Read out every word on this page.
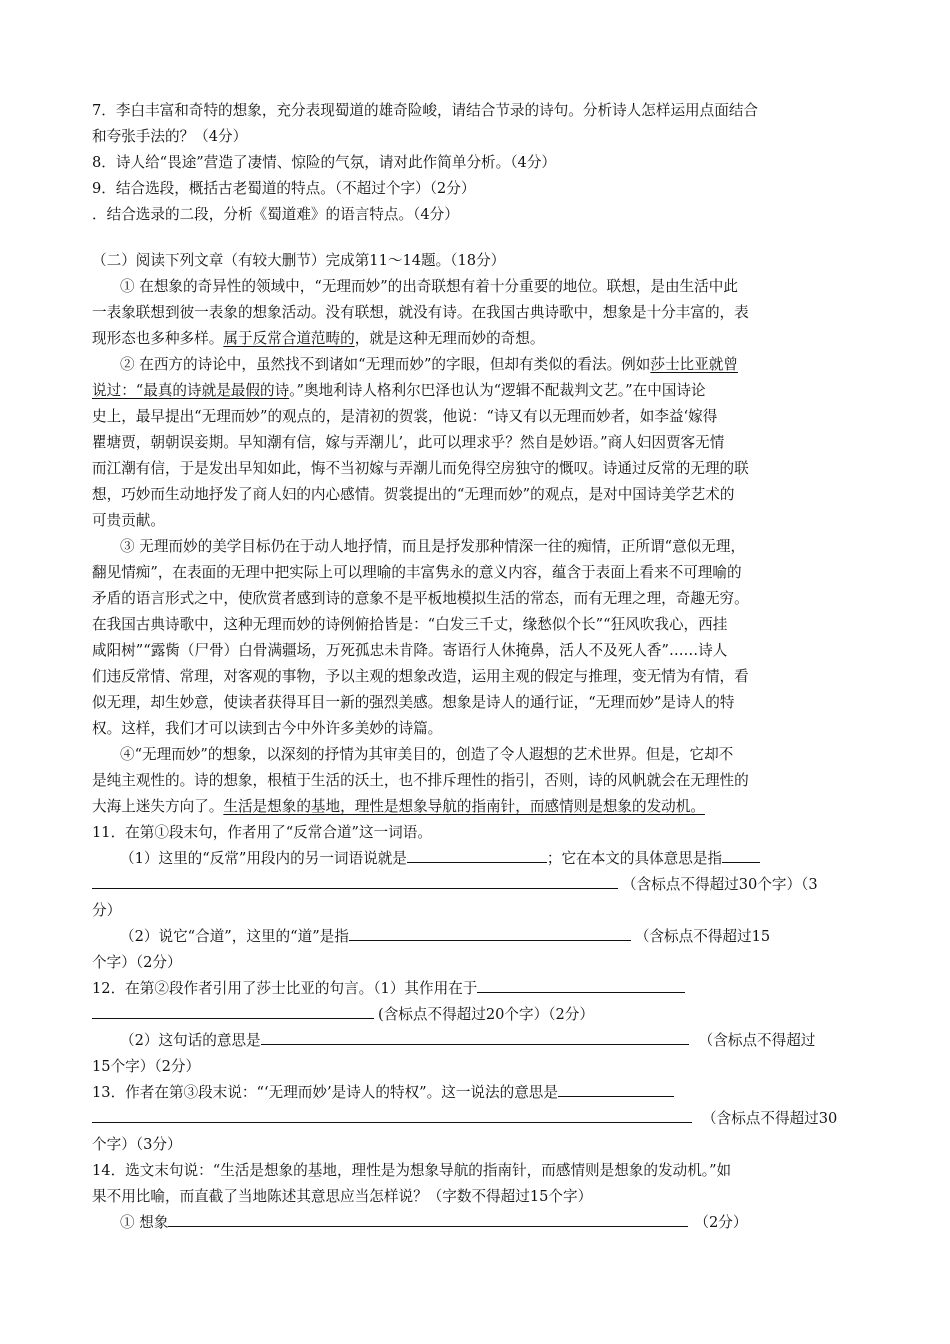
7．李白丰富和奇特的想象，充分表现蜀道的雄奇险峻，请结合节录的诗句。分析诗人怎样运用点面结合
和夸张手法的？（4分）
8．诗人给“畏途”营造了凄情、惊险的气氛，请对此作简单分析。（4分）
9．结合选段，概括古老蜀道的特点。（不超过个字）（2分）
．结合选录的二段，分析《蜀道难》的语言特点。（4分）
（二）阅读下列文章（有较大删节）完成第11～14题。（18分）
① 在想象的奇异性的领域中，“无理而妙”的出奇联想有着十分重要的地位。联想，是由生活中此
一表象联想到彼一表象的想象活动。没有联想，就没有诗。在我国古典诗歌中，想象是十分丰富的，表
现形态也多种多样。属于反常合道范畴的，就是这种无理而妙的奇想。
② 在西方的诗论中，虽然找不到诸如“无理而妙”的字眼，但却有类似的看法。例如莎士比亚就曾
说过：“最真的诗就是最假的诗。”奥地利诗人格利尔巴泽也认为“逻辑不配裁判文艺。”在中国诗论
史上，最早提出“无理而妙”的观点的，是清初的贺裳，他说：“诗又有以无理而妙者，如李益‘嫁得
瞿塘贾，朝朝误妾期。早知潮有信，嫁与弄潮儿’，此可以理求乎？然自是妙语。”商人妇因贾客无情
而江潮有信，于是发出早知如此，悔不当初嫁与弄潮儿而免得空房独守的慨叹。诗通过反常的无理的联
想，巧妙而生动地抒发了商人妇的内心感情。贺裳提出的“无理而妙”的观点，是对中国诗美学艺术的
可贵贡献。
③ 无理而妙的美学目标仍在于动人地抒情，而且是抒发那种情深一往的痴情，正所谓“意似无理，
翻见情痴”，在表面的无理中把实际上可以理喻的丰富隽永的意义内容，蕴含于表面上看来不可理喻的
矛盾的语言形式之中，使欣赏者感到诗的意象不是平板地模拟生活的常态，而有无理之理，奇趣无穷。
在我国古典诗歌中，这种无理而妙的诗例俯拾皆是：“白发三千丈，缘愁似个长”“狂风吹我心，西挂
咸阳树”“露胔（尸骨）白骨满疆场，万死孤忠未肯降。寄语行人休掩鼻，活人不及死人香”……诗人
们违反常情、常理，对客观的事物，予以主观的想象改造，运用主观的假定与推理，变无情为有情，看
似无理，却生妙意，使读者获得耳目一新的强烈美感。想象是诗人的通行证，“无理而妙”是诗人的特
权。这样，我们才可以读到古今中外许多美妙的诗篇。
④“无理而妙”的想象，以深刻的抒情为其审美目的，创造了令人遐想的艺术世界。但是，它却不
是纯主观性的。诗的想象，根植于生活的沃土，也不排斥理性的指引，否则，诗的风帆就会在无理性的
大海上迷失方向了。生活是想象的基地，理性是想象导航的指南针，而感情则是想象的发动机。
11．在第①段末句，作者用了“反常合道”这一词语。
（1）这里的“反常”用段内的另一词语说就是	；它在本文的具体意思是指
（含标点不得超过30个字）（3
分）
（2）说它“合道”，这里的“道”是指	（含标点不得超过15
个字）（2分）
12．在第②段作者引用了莎士比亚的句言。（1）其作用在于
(含标点不得超过20个字）（2分）
（2）这句话的意思是	（含标点不得超过
15个字）（2分）
13．作者在第③段末说：“‘无理而妙’是诗人的特权”。这一说法的意思是
（含标点不得超过30
个字）（3分）
14．选文末句说：“生活是想象的基地，理性是为想象导航的指南针，而感情则是想象的发动机。”如
果不用比喻，而直截了当地陈述其意思应当怎样说？（字数不得超过15个字）
① 想象	（2分）
